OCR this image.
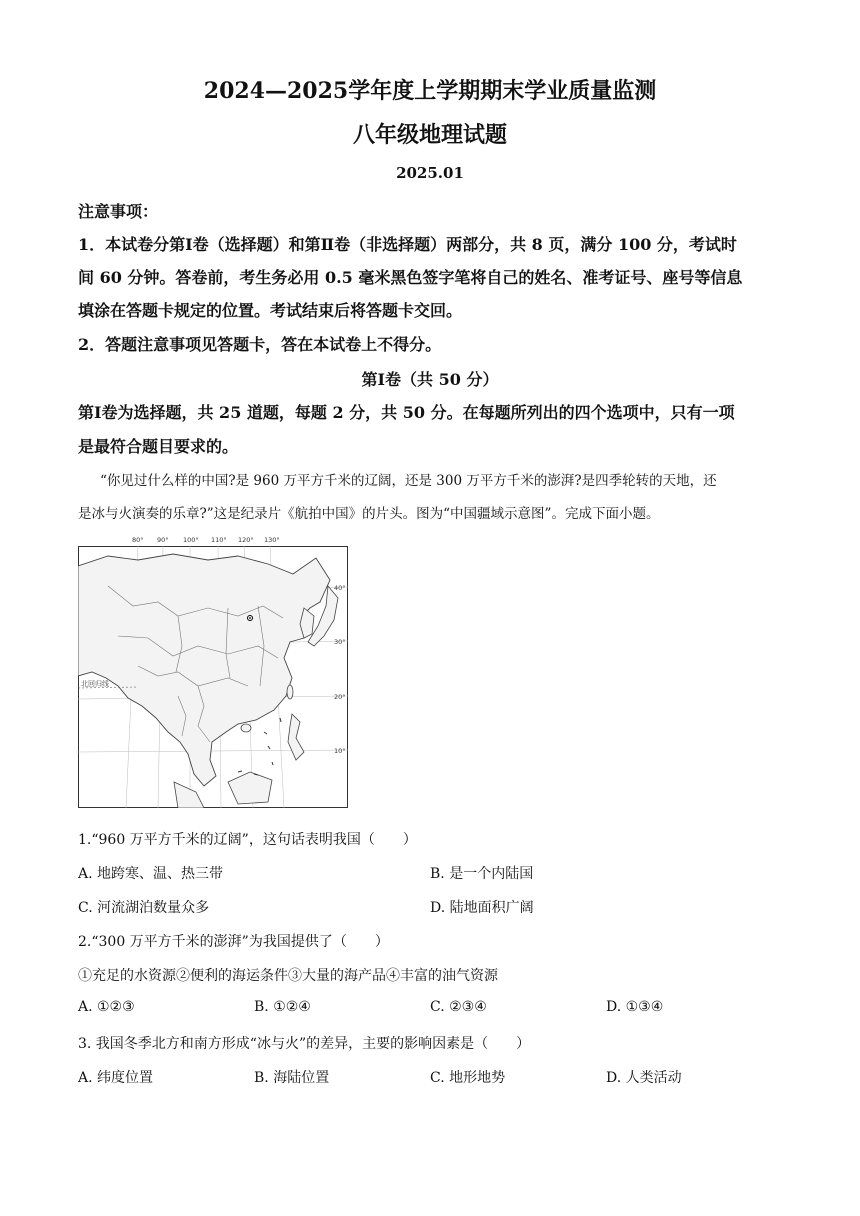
2024—2025学年度上学期期末学业质量监测
八年级地理试题
2025.01
注意事项：
1．本试卷分第Ⅰ卷（选择题）和第Ⅱ卷（非选择题）两部分，共 8 页，满分 100 分，考试时
间 60 分钟。答卷前，考生务必用 0.5 毫米黑色签字笔将自己的姓名、准考证号、座号等信息
填涂在答题卡规定的位置。考试结束后将答题卡交回。
2．答题注意事项见答题卡，答在本试卷上不得分。
第Ⅰ卷（共 50 分）
第Ⅰ卷为选择题，共 25 道题，每题 2 分，共 50 分。在每题所列出的四个选项中，只有一项
是最符合题目要求的。
“你见过什么样的中国?是 960 万平方千米的辽阔，还是 300 万平方千米的澎湃?是四季轮转的天地，还
是冰与火演奏的乐章?”这是纪录片《航拍中国》的片头。图为“中国疆域示意图”。完成下面小题。
北回归线
40°
30°
20°
10°
80° 90° 100° 110° 120° 130°
1.“960 万平方千米的辽阔”，这句话表明我国（　　）
A. 地跨寒、温、热三带	B. 是一个内陆国
C. 河流湖泊数量众多	D. 陆地面积广阔
2.“300 万平方千米的澎湃”为我国提供了（　　）
①充足的水资源②便利的海运条件③大量的海产品④丰富的油气资源
A. ①②③	B. ①②④	C. ②③④	D. ①③④
3. 我国冬季北方和南方形成“冰与火”的差异，主要的影响因素是（　　）
A. 纬度位置	B. 海陆位置	C. 地形地势	D. 人类活动
